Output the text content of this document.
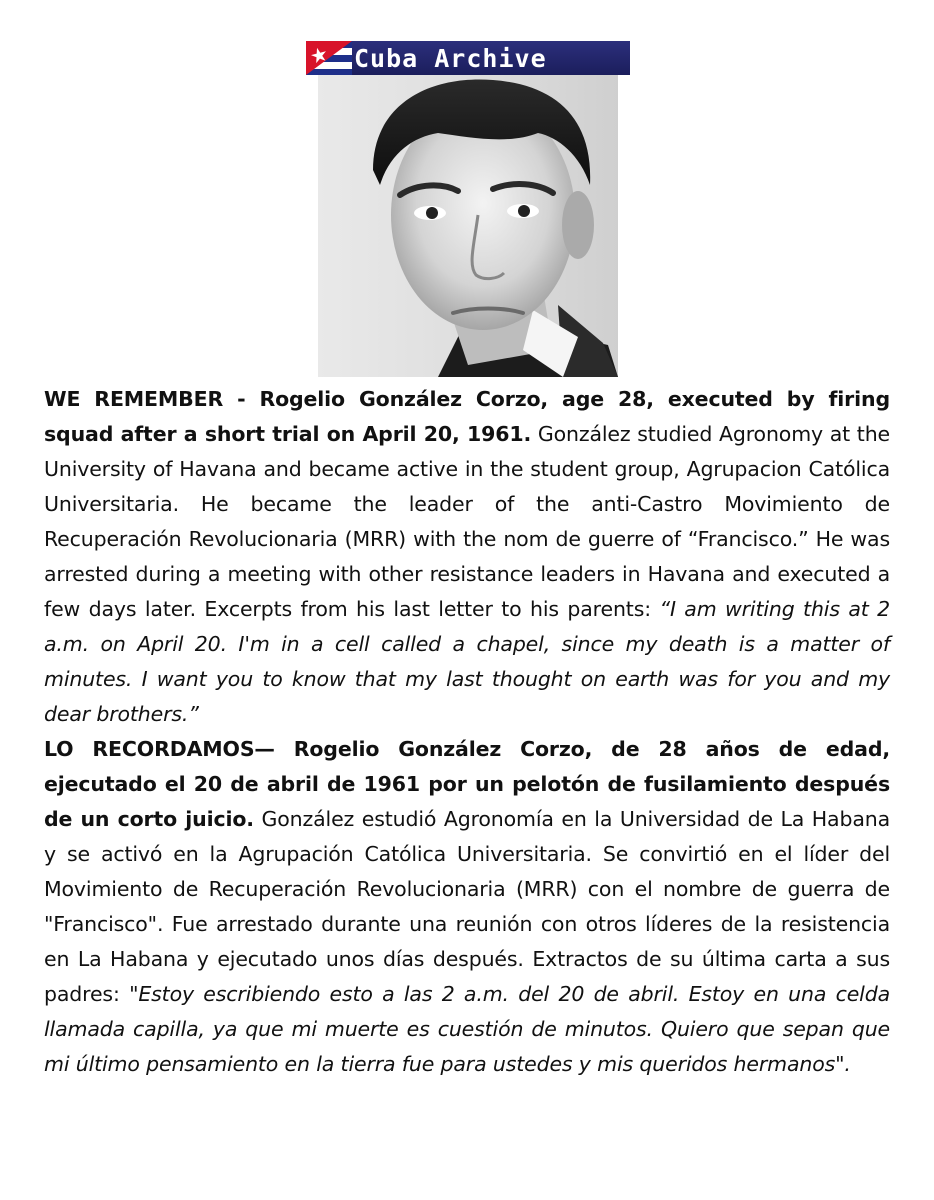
★ Cuba Archive

WE REMEMBER - Rogelio González Corzo, age 28, executed by firing squad after a short trial on April 20, 1961. González studied Agronomy at the University of Havana and became active in the student group, Agrupacion Católica Universitaria. He became the leader of the anti-Castro Movimiento de Recuperación Revolucionaria (MRR) with the nom de guerre of “Francisco.” He was arrested during a meeting with other resistance leaders in Havana and executed a few days later. Excerpts from his last letter to his parents: “I am writing this at 2 a.m. on April 20. I'm in a cell called a chapel, since my death is a matter of minutes. I want you to know that my last thought on earth was for you and my dear brothers.”

LO RECORDAMOS— Rogelio González Corzo, de 28 años de edad, ejecutado el 20 de abril de 1961 por un pelotón de fusilamiento después de un corto juicio. González estudió Agronomía en la Universidad de La Habana y se activó en la Agrupación Católica Universitaria. Se convirtió en el líder del Movimiento de Recuperación Revolucionaria (MRR) con el nombre de guerra de "Francisco". Fue arrestado durante una reunión con otros líderes de la resistencia en La Habana y ejecutado unos días después. Extractos de su última carta a sus padres: "Estoy escribiendo esto a las 2 a.m. del 20 de abril. Estoy en una celda llamada capilla, ya que mi muerte es cuestión de minutos. Quiero que sepan que mi último pensamiento en la tierra fue para ustedes y mis queridos hermanos".
